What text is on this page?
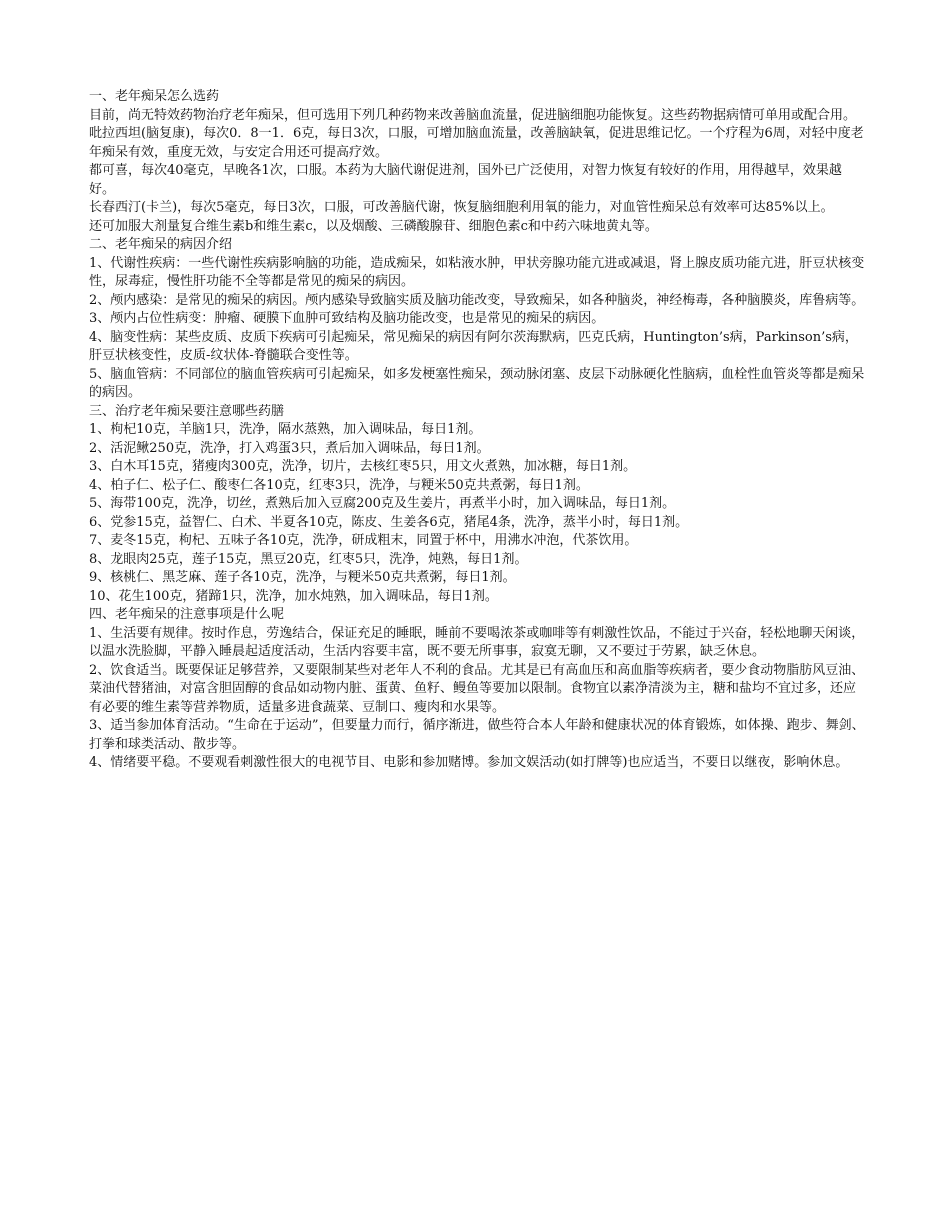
一、老年痴呆怎么选药

目前，尚无特效药物治疗老年痴呆，但可选用下列几种药物来改善脑血流量，促进脑细胞功能恢复。这些药物据病情可单用或配合用。

吡拉西坦(脑复康)，每次0．8一1．6克，每日3次，口服，可增加脑血流量，改善脑缺氧，促进思维记忆。一个疗程为6周，对轻中度老年痴呆有效，重度无效，与安定合用还可提高疗效。

都可喜，每次40毫克，早晚各1次，口服。本药为大脑代谢促进剂，国外已广泛使用，对智力恢复有较好的作用，用得越早，效果越好。

长春西汀(卡兰)，每次5毫克，每日3次，口服，可改善脑代谢，恢复脑细胞利用氧的能力，对血管性痴呆总有效率可达85%以上。

还可加服大剂量复合维生素b和维生素c，以及烟酸、三磷酸腺苷、细胞色素c和中药六味地黄丸等。

二、老年痴呆的病因介绍

1、代谢性疾病：一些代谢性疾病影响脑的功能，造成痴呆，如粘液水肿，甲状旁腺功能亢进或减退，肾上腺皮质功能亢进，肝豆状核变性，尿毒症，慢性肝功能不全等都是常见的痴呆的病因。

2、颅内感染：是常见的痴呆的病因。颅内感染导致脑实质及脑功能改变，导致痴呆，如各种脑炎，神经梅毒，各种脑膜炎，库鲁病等。

3、颅内占位性病变：肿瘤、硬膜下血肿可致结构及脑功能改变，也是常见的痴呆的病因。

4、脑变性病：某些皮质、皮质下疾病可引起痴呆，常见痴呆的病因有阿尔茨海默病，匹克氏病，Huntington’s病，Parkinson’s病，肝豆状核变性，皮质-纹状体-脊髓联合变性等。

5、脑血管病：不同部位的脑血管疾病可引起痴呆，如多发梗塞性痴呆，颈动脉闭塞、皮层下动脉硬化性脑病，血栓性血管炎等都是痴呆的病因。

三、治疗老年痴呆要注意哪些药膳

1、枸杞10克，羊脑1只，洗净，隔水蒸熟，加入调味品，每日1剂。

2、活泥鳅250克，洗净，打入鸡蛋3只，煮后加入调味品，每日1剂。

3、白木耳15克，猪瘦肉300克，洗净，切片，去核红枣5只，用文火煮熟，加冰糖，每日1剂。

4、柏子仁、松子仁、酸枣仁各10克，红枣3只，洗净，与粳米50克共煮粥，每日1剂。

5、海带100克，洗净，切丝，煮熟后加入豆腐200克及生姜片，再煮半小时，加入调味品，每日1剂。

6、党参15克，益智仁、白术、半夏各10克，陈皮、生姜各6克，猪尾4条，洗净，蒸半小时，每日1剂。

7、麦冬15克，枸杞、五味子各10克，洗净，研成粗末，同置于杯中，用沸水冲泡，代茶饮用。

8、龙眼肉25克，莲子15克，黑豆20克，红枣5只，洗净，炖熟，每日1剂。

9、核桃仁、黑芝麻、莲子各10克，洗净，与粳米50克共煮粥，每日1剂。

10、花生100克，猪蹄1只，洗净，加水炖熟，加入调味品，每日1剂。

四、老年痴呆的注意事项是什么呢

1、生活要有规律。按时作息，劳逸结合，保证充足的睡眠，睡前不要喝浓茶或咖啡等有刺激性饮品，不能过于兴奋，轻松地聊天闲谈，以温水洗脸脚，平静入睡晨起适度活动，生活内容要丰富，既不要无所事事，寂寞无聊，又不要过于劳累，缺乏休息。

2、饮食适当。既要保证足够营养，又要限制某些对老年人不利的食品。尤其是已有高血压和高血脂等疾病者，要少食动物脂肪风豆油、菜油代替猪油，对富含胆固醇的食品如动物内脏、蛋黄、鱼籽、鳗鱼等要加以限制。食物宜以素净清淡为主，糖和盐均不宜过多，还应有必要的维生素等营养物质，适量多进食蔬菜、豆制口、瘦肉和水果等。

3、适当参加体育活动。“生命在于运动”，但要量力而行，循序渐进，做些符合本人年龄和健康状况的体育锻炼，如体操、跑步、舞剑、打拳和球类活动、散步等。

4、情绪要平稳。不要观看刺激性很大的电视节目、电影和参加赌博。参加文娱活动(如打牌等)也应适当，不要日以继夜，影响休息。
